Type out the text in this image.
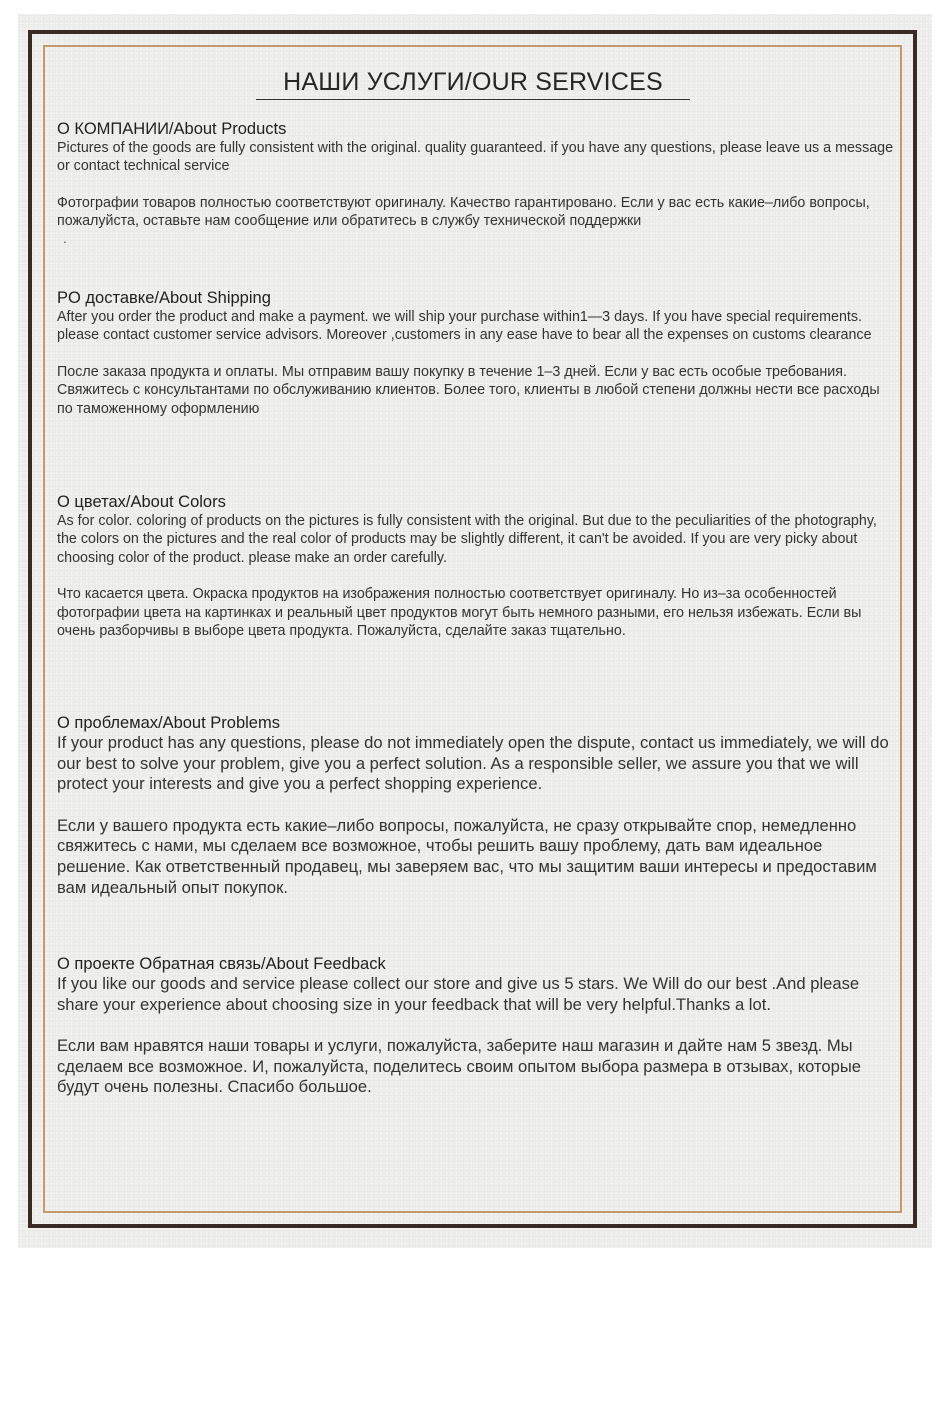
НАШИ УСЛУГИ/OUR SERVICES

О КОМПАНИИ/About Products

Pictures of the goods are fully consistent with the original. quality guaranteed. if you have any questions, please leave us a message or contact technical service

Фотографии товаров полностью соответствуют оригиналу. Качество гарантировано. Если у вас есть какие–либо вопросы, пожалуйста, оставьте нам сообщение или обратитесь в службу технической поддержки

.

PO доставке/About Shipping

After you order the product and make a payment. we will ship your purchase within1—3 days. If you have special requirements. please contact customer service advisors. Moreover ,customers in any ease have to bear all the expenses on customs clearance

После заказа продукта и оплаты. Мы отправим вашу покупку в течение 1–3 дней. Если у вас есть особые требования. Свяжитесь с консультантами по обслуживанию клиентов. Более того, клиенты в любой степени должны нести все расходы по таможенному оформлению

О цветах/About Colors

As for color. coloring of products on the pictures is fully consistent with the original. But due to the peculiarities of the photography, the colors on the pictures and the real color of products may be slightly different, it can't be avoided. If you are very picky about choosing color of the product. please make an order carefully.

Что касается цвета. Окраска продуктов на изображения полностью соответствует оригиналу. Но из–за особенностей фотографии цвета на картинках и реальный цвет продуктов могут быть немного разными, его нельзя избежать. Если вы очень разборчивы в выборе цвета продукта. Пожалуйста, сделайте заказ тщательно.

О проблемах/About Problems

If your product has any questions, please do not immediately open the dispute, contact us immediately, we will do our best to solve your problem, give you a perfect solution. As a responsible seller, we assure you that we will protect your interests and give you a perfect shopping experience.

Если у вашего продукта есть какие–либо вопросы, пожалуйста, не сразу открывайте спор, немедленно свяжитесь с нами, мы сделаем все возможное, чтобы решить вашу проблему, дать вам идеальное решение. Как ответственный продавец, мы заверяем вас, что мы защитим ваши интересы и предоставим вам идеальный опыт покупок.

О проекте Обратная связь/About Feedback

If you like our goods and service please collect our store and give us 5 stars. We Will do our best .And please share your experience about choosing size in your feedback that will be very helpful.Thanks a lot.

Если вам нравятся наши товары и услуги, пожалуйста, заберите наш магазин и дайте нам 5 звезд. Мы сделаем все возможное. И, пожалуйста, поделитесь своим опытом выбора размера в отзывах, которые будут очень полезны. Спасибо большое.
